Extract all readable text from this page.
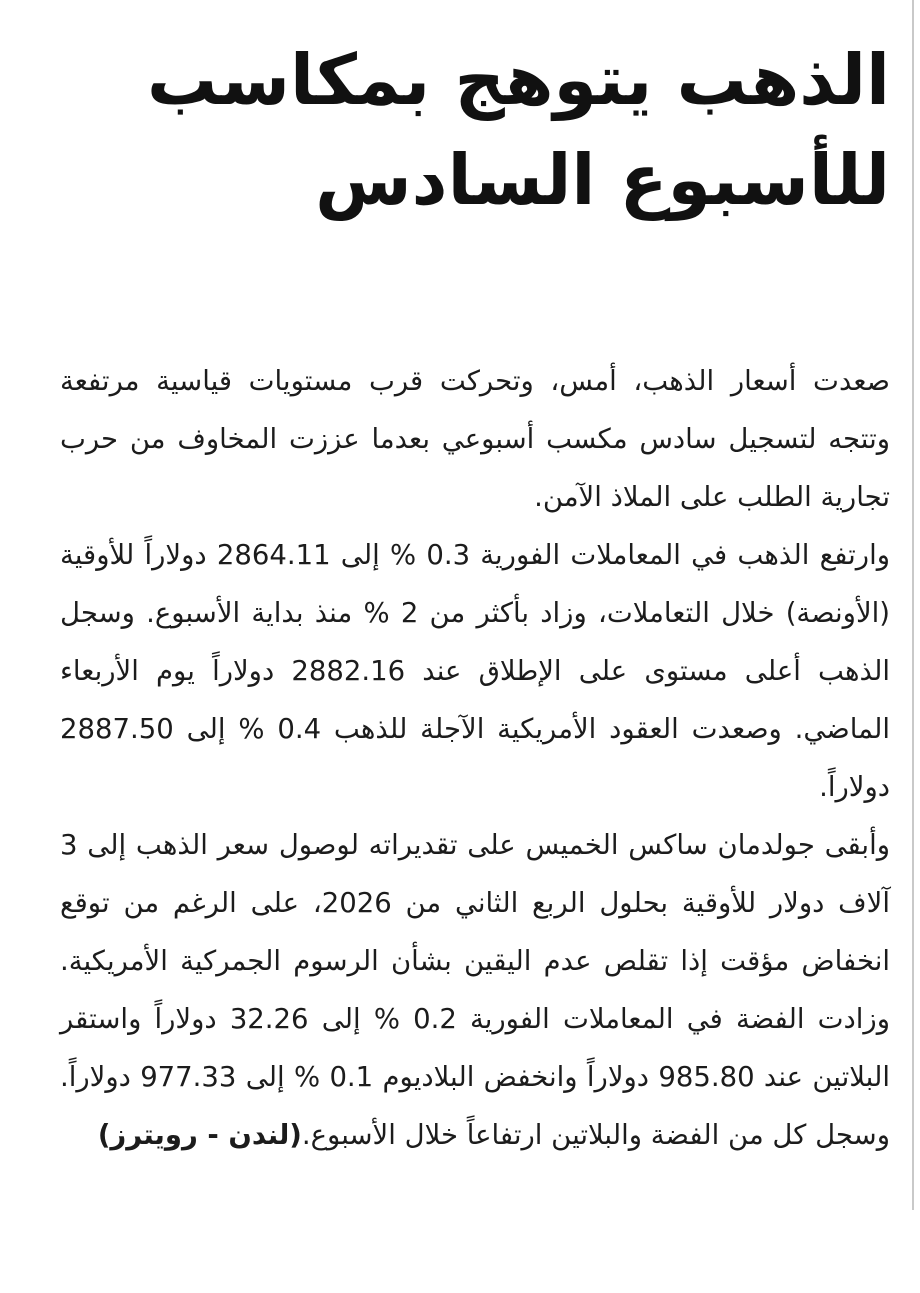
الذهب يتوهج بمكاسب
للأسبوع السادس

صعدت أسعار الذهب، أمس، وتحركت قرب مستويات قياسية مرتفعة وتتجه لتسجيل سادس مكسب أسبوعي بعدما عززت المخاوف من حرب تجارية الطلب على الملاذ الآمن.

وارتفع الذهب في المعاملات الفورية 0.3 % إلى 2864.11 دولاراً للأوقية (الأونصة) خلال التعاملات، وزاد بأكثر من 2 % منذ بداية الأسبوع. وسجل الذهب أعلى مستوى على الإطلاق عند 2882.16 دولاراً يوم الأربعاء الماضي. وصعدت العقود الأمريكية الآجلة للذهب 0.4 % إلى 2887.50 دولاراً.

وأبقى جولدمان ساكس الخميس على تقديراته لوصول سعر الذهب إلى 3 آلاف دولار للأوقية بحلول الربع الثاني من 2026، على الرغم من توقع انخفاض مؤقت إذا تقلص عدم اليقين بشأن الرسوم الجمركية الأمريكية. وزادت الفضة في المعاملات الفورية 0.2 % إلى 32.26 دولاراً واستقر البلاتين عند 985.80 دولاراً وانخفض البلاديوم 0.1 % إلى 977.33 دولاراً. وسجل كل من الفضة والبلاتين ارتفاعاً خلال الأسبوع.(لندن - رويترز)
